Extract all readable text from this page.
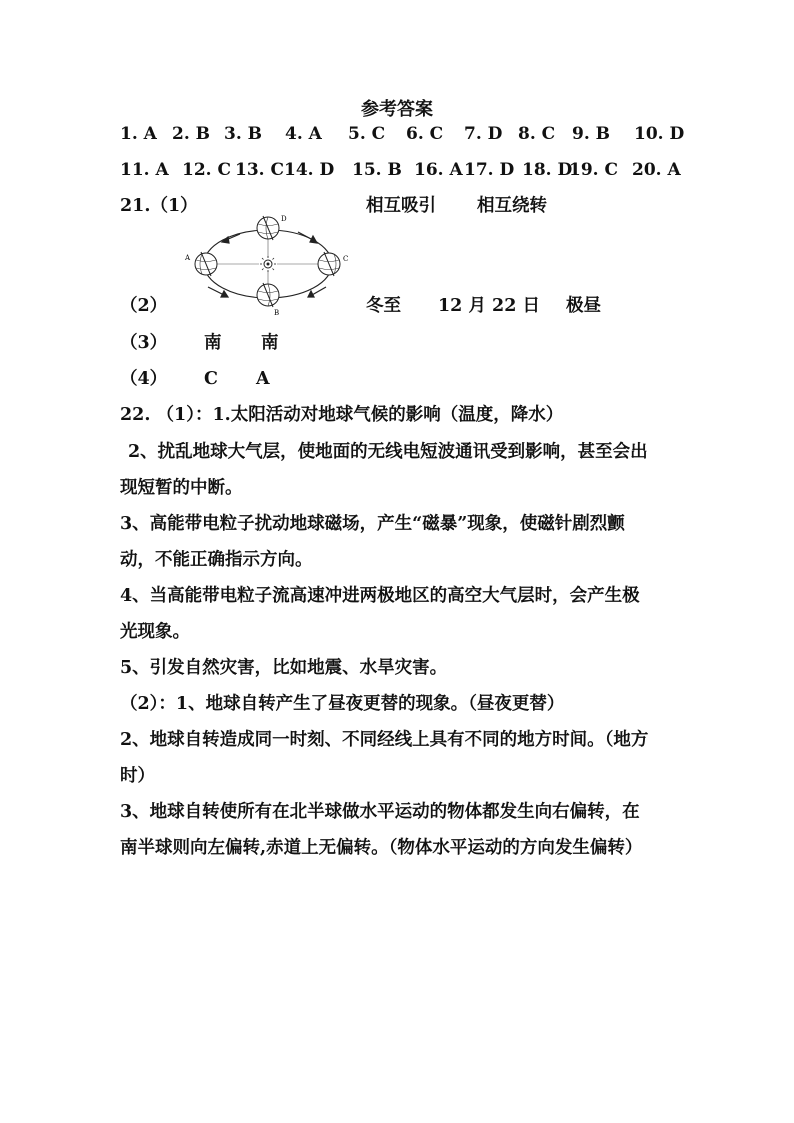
参考答案
1. A 2. B 3. B 4. A 5. C 6. C 7. D 8. C 9. B 10. D
11. A 12. C 13. C 14. D 15. B 16. A 17. D 18. D
19. C 20. A
21.（1）	相互吸引 相互绕转
A	C
D
B
（2）	冬至 12 月 22 日 极昼
（3） 南 南
（4） C A
22. （1）：1.太阳活动对地球气候的影响（温度，降水）
2、扰乱地球大气层，使地面的无线电短波通讯受到影响，甚至会出
现短暂的中断。
3、高能带电粒子扰动地球磁场，产生“磁暴”现象，使磁针剧烈颤
动，不能正确指示方向。
4、当高能带电粒子流高速冲进两极地区的高空大气层时，会产生极
光现象。
5、引发自然灾害，比如地震、水旱灾害。
（2）：1、地球自转产生了昼夜更替的现象。（昼夜更替）
2、地球自转造成同一时刻、不同经线上具有不同的地方时间。（地方
时）
3、地球自转使所有在北半球做水平运动的物体都发生向右偏转，在
南半球则向左偏转,赤道上无偏转。（物体水平运动的方向发生偏转）
